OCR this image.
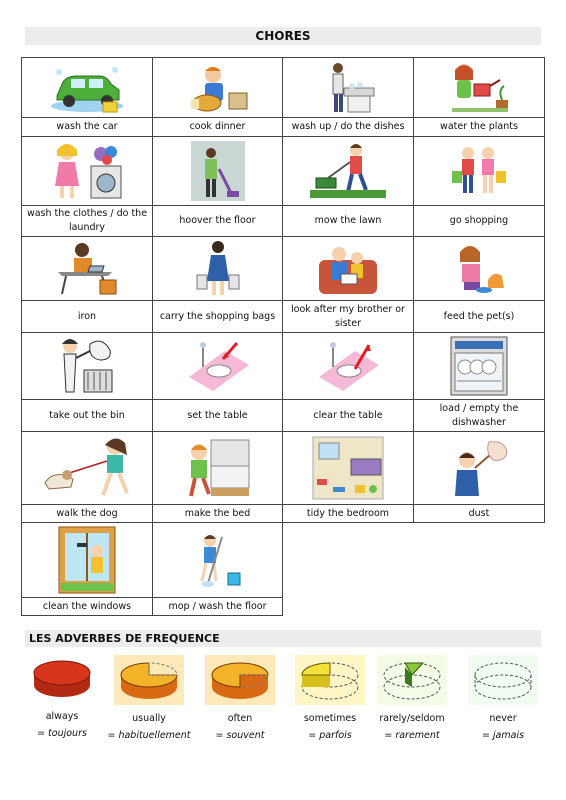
CHORES

wash the car	cook dinner	wash up / do the dishes	water the plants

wash the clothes / do the laundry	hoover the floor	mow the lawn	go shopping

iron	carry the shopping bags	look after my brother or sister	feed the pet(s)

take out the bin	set the table	clear the table	load / empty the dishwasher

walk the dog	make the bed	tidy the bedroom	dust

clean the windows	mop / wash the floor		
LES ADVERBES DE FREQUENCE
always
= toujours
usually
= habituellement
often
= souvent
sometimes
= parfois
rarely/seldom
= rarement
never
= jamais
